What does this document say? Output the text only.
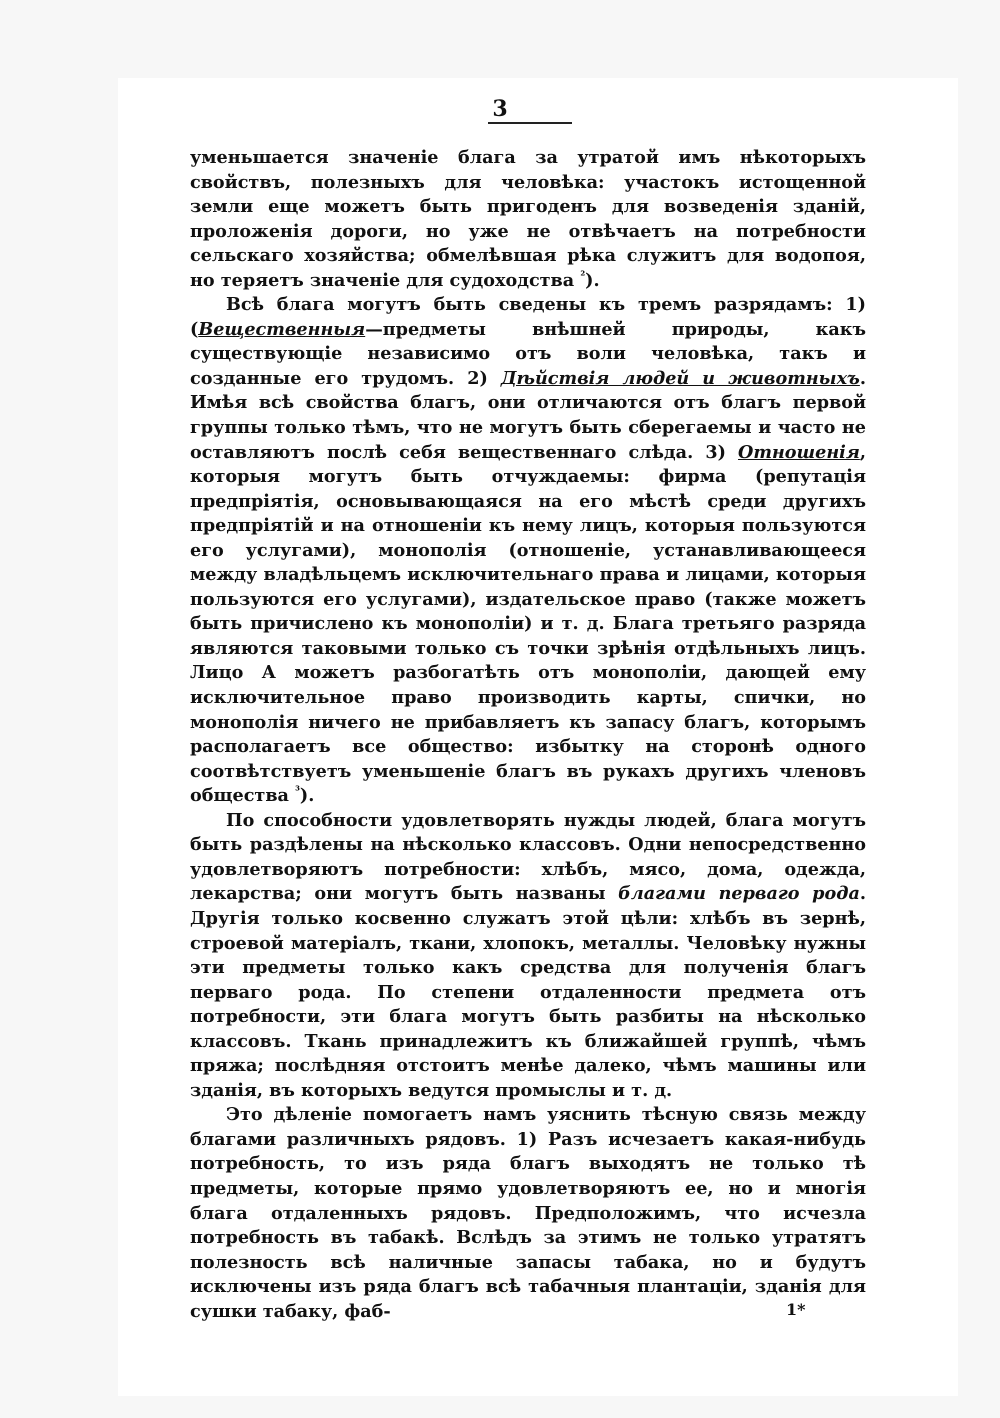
3

уменьшается значеніе блага за утратой имъ нѣкоторыхъ свойствъ, полезныхъ для человѣка: участокъ истощенной земли еще можетъ быть пригоденъ для возведенія зданій, проложенія дороги, но уже не отвѣчаетъ на потребности сельскаго хозяйства; обмелѣвшая рѣка служитъ для водопоя, но теряетъ значеніе для судоходства $^{^2}$).

Всѣ блага могутъ быть сведены къ тремъ разрядамъ: 1) (Вещественныя—предметы внѣшней природы, какъ существующіе независимо отъ воли человѣка, такъ и созданные его трудомъ. 2) Дѣйствія людей и животныхъ. Имѣя всѣ свойства благъ, они отличаются отъ благъ первой группы только тѣмъ, что не могутъ быть сберегаемы и часто не оставляютъ послѣ себя вещественнаго слѣда. 3) Отношенія, которыя могутъ быть отчуждаемы: фирма (репутація предпріятія, основывающаяся на его мѣстѣ среди другихъ предпріятій и на отношеніи къ нему лицъ, которыя пользуются его услугами), монополія (отношеніе, устанавливающееся между владѣльцемъ исключительнаго права и лицами, которыя пользуются его услугами), издательское право (также можетъ быть причислено къ монополіи) и т. д. Блага третьяго разряда являются таковыми только съ точки зрѣнія отдѣльныхъ лицъ. Лицо А можетъ разбогатѣть отъ монополіи, дающей ему исключительное право производить карты, спички, но монополія ничего не прибавляетъ къ запасу благъ, которымъ располагаетъ все общество: избытку на сторонѣ одного соотвѣтствуетъ уменьшеніе благъ въ рукахъ другихъ членовъ общества $^{^3}$).

По способности удовлетворять нужды людей, блага могутъ быть раздѣлены на нѣсколько классовъ. Одни непосредственно удовлетворяютъ потребности: хлѣбъ, мясо, дома, одежда, лекарства; они могутъ быть названы благами перваго рода. Другія только косвенно служатъ этой цѣли: хлѣбъ въ зернѣ, строевой матеріалъ, ткани, хлопокъ, металлы. Человѣку нужны эти предметы только какъ средства для полученія благъ перваго рода. По степени отдаленности предмета отъ потребности, эти блага могутъ быть разбиты на нѣсколько классовъ. Ткань принадлежитъ къ ближайшей группѣ, чѣмъ пряжа; послѣдняя отстоитъ менѣе далеко, чѣмъ машины или зданія, въ которыхъ ведутся промыслы и т. д.

Это дѣленіе помогаетъ намъ уяснить тѣсную связь между благами различныхъ рядовъ. 1) Разъ исчезаетъ какая-нибудь потребность, то изъ ряда благъ выходятъ не только тѣ предметы, которые прямо удовлетворяютъ ее, но и многія блага отдаленныхъ рядовъ. Предположимъ, что исчезла потребность въ табакѣ. Вслѣдъ за этимъ не только утратятъ полезность всѣ наличные запасы табака, но и будутъ исключены изъ ряда благъ всѣ табачныя плантаціи, зданія для сушки табаку, фаб-	1*
